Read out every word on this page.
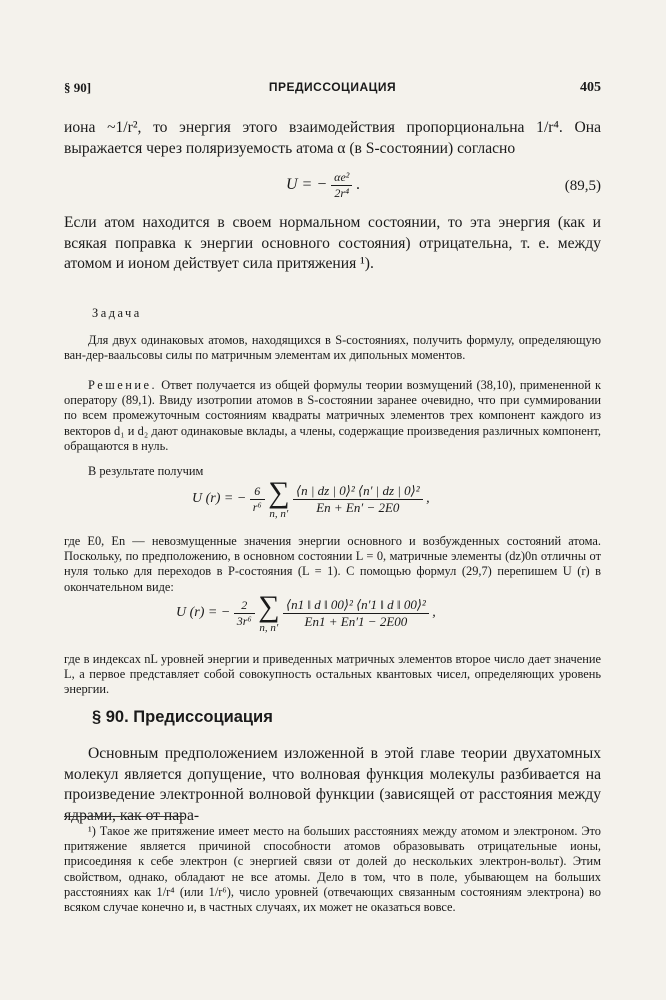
§ 90]	ПРЕДИССОЦИАЦИЯ	405

иона ~1/r², то энергия этого взаимодействия пропорциональна 1/r⁴. Она выражается через поляризуемость атома α (в S-состоянии) согласно

U = − $\frac{\text{αe²}}{\text{2r⁴}}$ .	(89,5)

Если атом находится в своем нормальном состоянии, то эта энергия (как и всякая поправка к энергии основного состояния) отрицательна, т. е. между атомом и ионом действует сила притяжения ¹).

Задача

Для двух одинаковых атомов, находящихся в S-состояниях, получить формулу, определяющую ван-дер-ваальсовы силы по матричным элементам их дипольных моментов.

Решение. Ответ получается из общей формулы теории возмущений (38,10), примененной к оператору (89,1). Ввиду изотропии атомов в S-состоянии заранее очевидно, что при суммировании по всем промежуточным состояниям квадраты матричных элементов трех компонент каждого из векторов d₁ и d₂ дают одинаковые вклады, а члены, содержащие произведения различных компонент, обращаются в нуль.

В результате получим

U (r) = − $\frac{6}{\text{r⁶}}$
∑
n, n′
$\frac{\text{⟨n | dz | 0⟩² ⟨n′ | dz | 0⟩²}}{En + En' - 2E0}$ ,

где E0, En — невозмущенные значения энергии основного и возбужденных состояний атома. Поскольку, по предположению, в основном состоянии L = 0, матричные элементы (dz)0n отличны от нуля только для переходов в P-состояния (L = 1). С помощью формул (29,7) перепишем U (r) в окончательном виде:

U (r) = − $\frac{2}{\text{3r⁶}}$
∑
n, n′
$\frac{\text{⟨n1 ‖ d ‖ 00⟩² ⟨n′1 ‖ d ‖ 00⟩²}}{En1 + En'1 - 2E00}$ ,

где в индексах nL уровней энергии и приведенных матричных элементов второе число дает значение L, а первое представляет собой совокупность остальных квантовых чисел, определяющих уровень энергии.

§ 90. Предиссоциация

Основным предположением изложенной в этой главе теории двухатомных молекул является допущение, что волновая функция молекулы разбивается на произведение электронной волновой функции (зависящей от расстояния между ядрами, как от пара-

¹) Такое же притяжение имеет место на больших расстояниях между атомом и электроном. Это притяжение является причиной способности атомов образовывать отрицательные ионы, присоединяя к себе электрон (с энергией связи от долей до нескольких электрон-вольт). Этим свойством, однако, обладают не все атомы. Дело в том, что в поле, убывающем на больших расстояниях как 1/r⁴ (или 1/r⁶), число уровней (отвечающих связанным состояниям электрона) во всяком случае конечно и, в частных случаях, их может не оказаться вовсе.
